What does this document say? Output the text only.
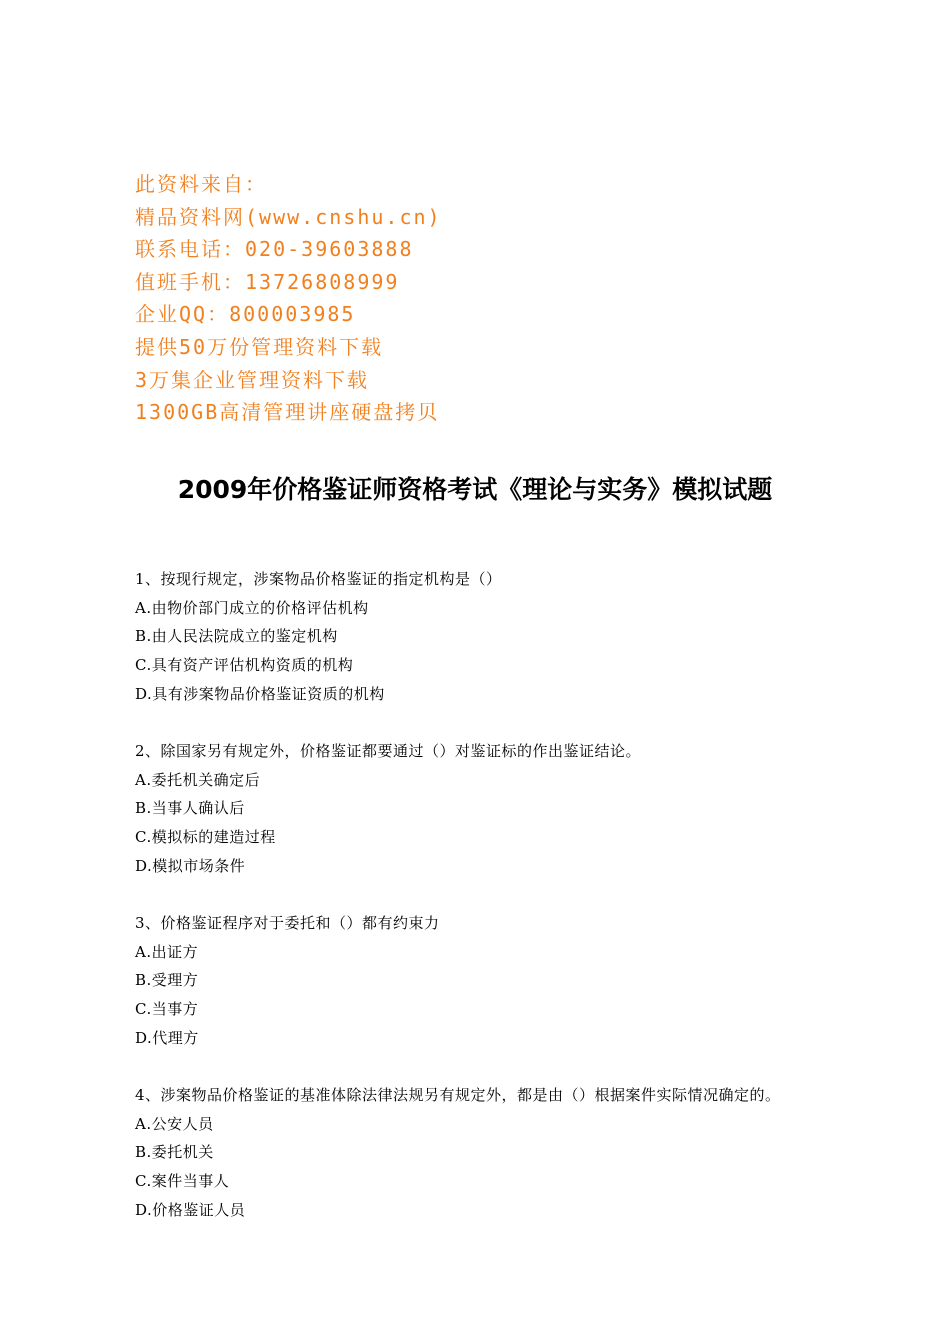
此资料来自：
精品资料网(www.cnshu.cn)
联系电话：020-39603888
值班手机：13726808999
企业QQ：800003985
提供50万份管理资料下载
3万集企业管理资料下载
1300GB高清管理讲座硬盘拷贝
2009年价格鉴证师资格考试《理论与实务》模拟试题
1、按现行规定，涉案物品价格鉴证的指定机构是（）
A.由物价部门成立的价格评估机构
B.由人民法院成立的鉴定机构
C.具有资产评估机构资质的机构
D.具有涉案物品价格鉴证资质的机构
2、除国家另有规定外，价格鉴证都要通过（）对鉴证标的作出鉴证结论。
A.委托机关确定后
B.当事人确认后
C.模拟标的建造过程
D.模拟市场条件
3、价格鉴证程序对于委托和（）都有约束力
A.出证方
B.受理方
C.当事方
D.代理方
4、涉案物品价格鉴证的基准体除法律法规另有规定外，都是由（）根据案件实际情况确定的。
A.公安人员
B.委托机关
C.案件当事人
D.价格鉴证人员
